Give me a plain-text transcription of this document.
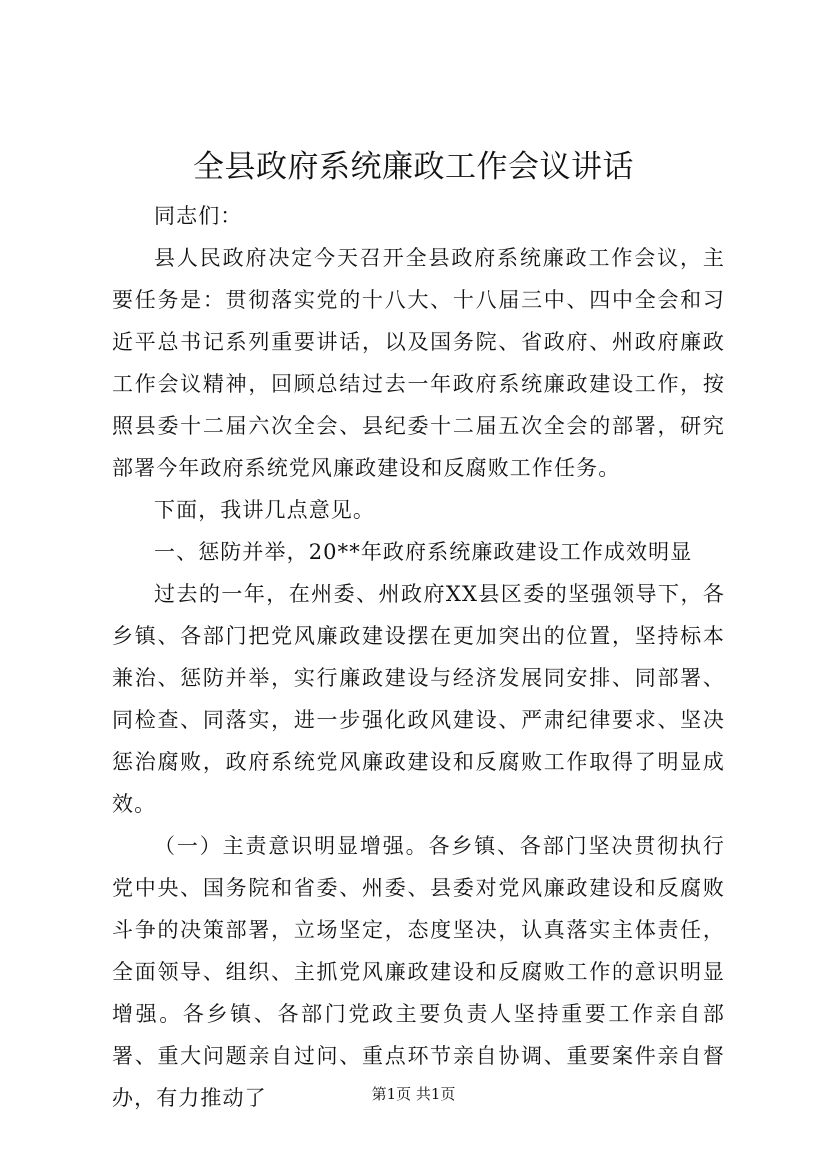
全县政府系统廉政工作会议讲话

同志们：

县人民政府决定今天召开全县政府系统廉政工作会议，主要任务是：贯彻落实党的十八大、十八届三中、四中全会和习近平总书记系列重要讲话，以及国务院、省政府、州政府廉政工作会议精神，回顾总结过去一年政府系统廉政建设工作，按照县委十二届六次全会、县纪委十二届五次全会的部署，研究部署今年政府系统党风廉政建设和反腐败工作任务。

下面，我讲几点意见。

一、惩防并举，20**年政府系统廉政建设工作成效明显

过去的一年，在州委、州政府XX县区委的坚强领导下，各乡镇、各部门把党风廉政建设摆在更加突出的位置，坚持标本兼治、惩防并举，实行廉政建设与经济发展同安排、同部署、同检查、同落实，进一步强化政风建设、严肃纪律要求、坚决惩治腐败，政府系统党风廉政建设和反腐败工作取得了明显成效。

（一）主责意识明显增强。各乡镇、各部门坚决贯彻执行党中央、国务院和省委、州委、县委对党风廉政建设和反腐败斗争的决策部署，立场坚定，态度坚决，认真落实主体责任，全面领导、组织、主抓党风廉政建设和反腐败工作的意识明显增强。各乡镇、各部门党政主要负责人坚持重要工作亲自部署、重大问题亲自过问、重点环节亲自协调、重要案件亲自督办，有力推动了	第1页 共1页
